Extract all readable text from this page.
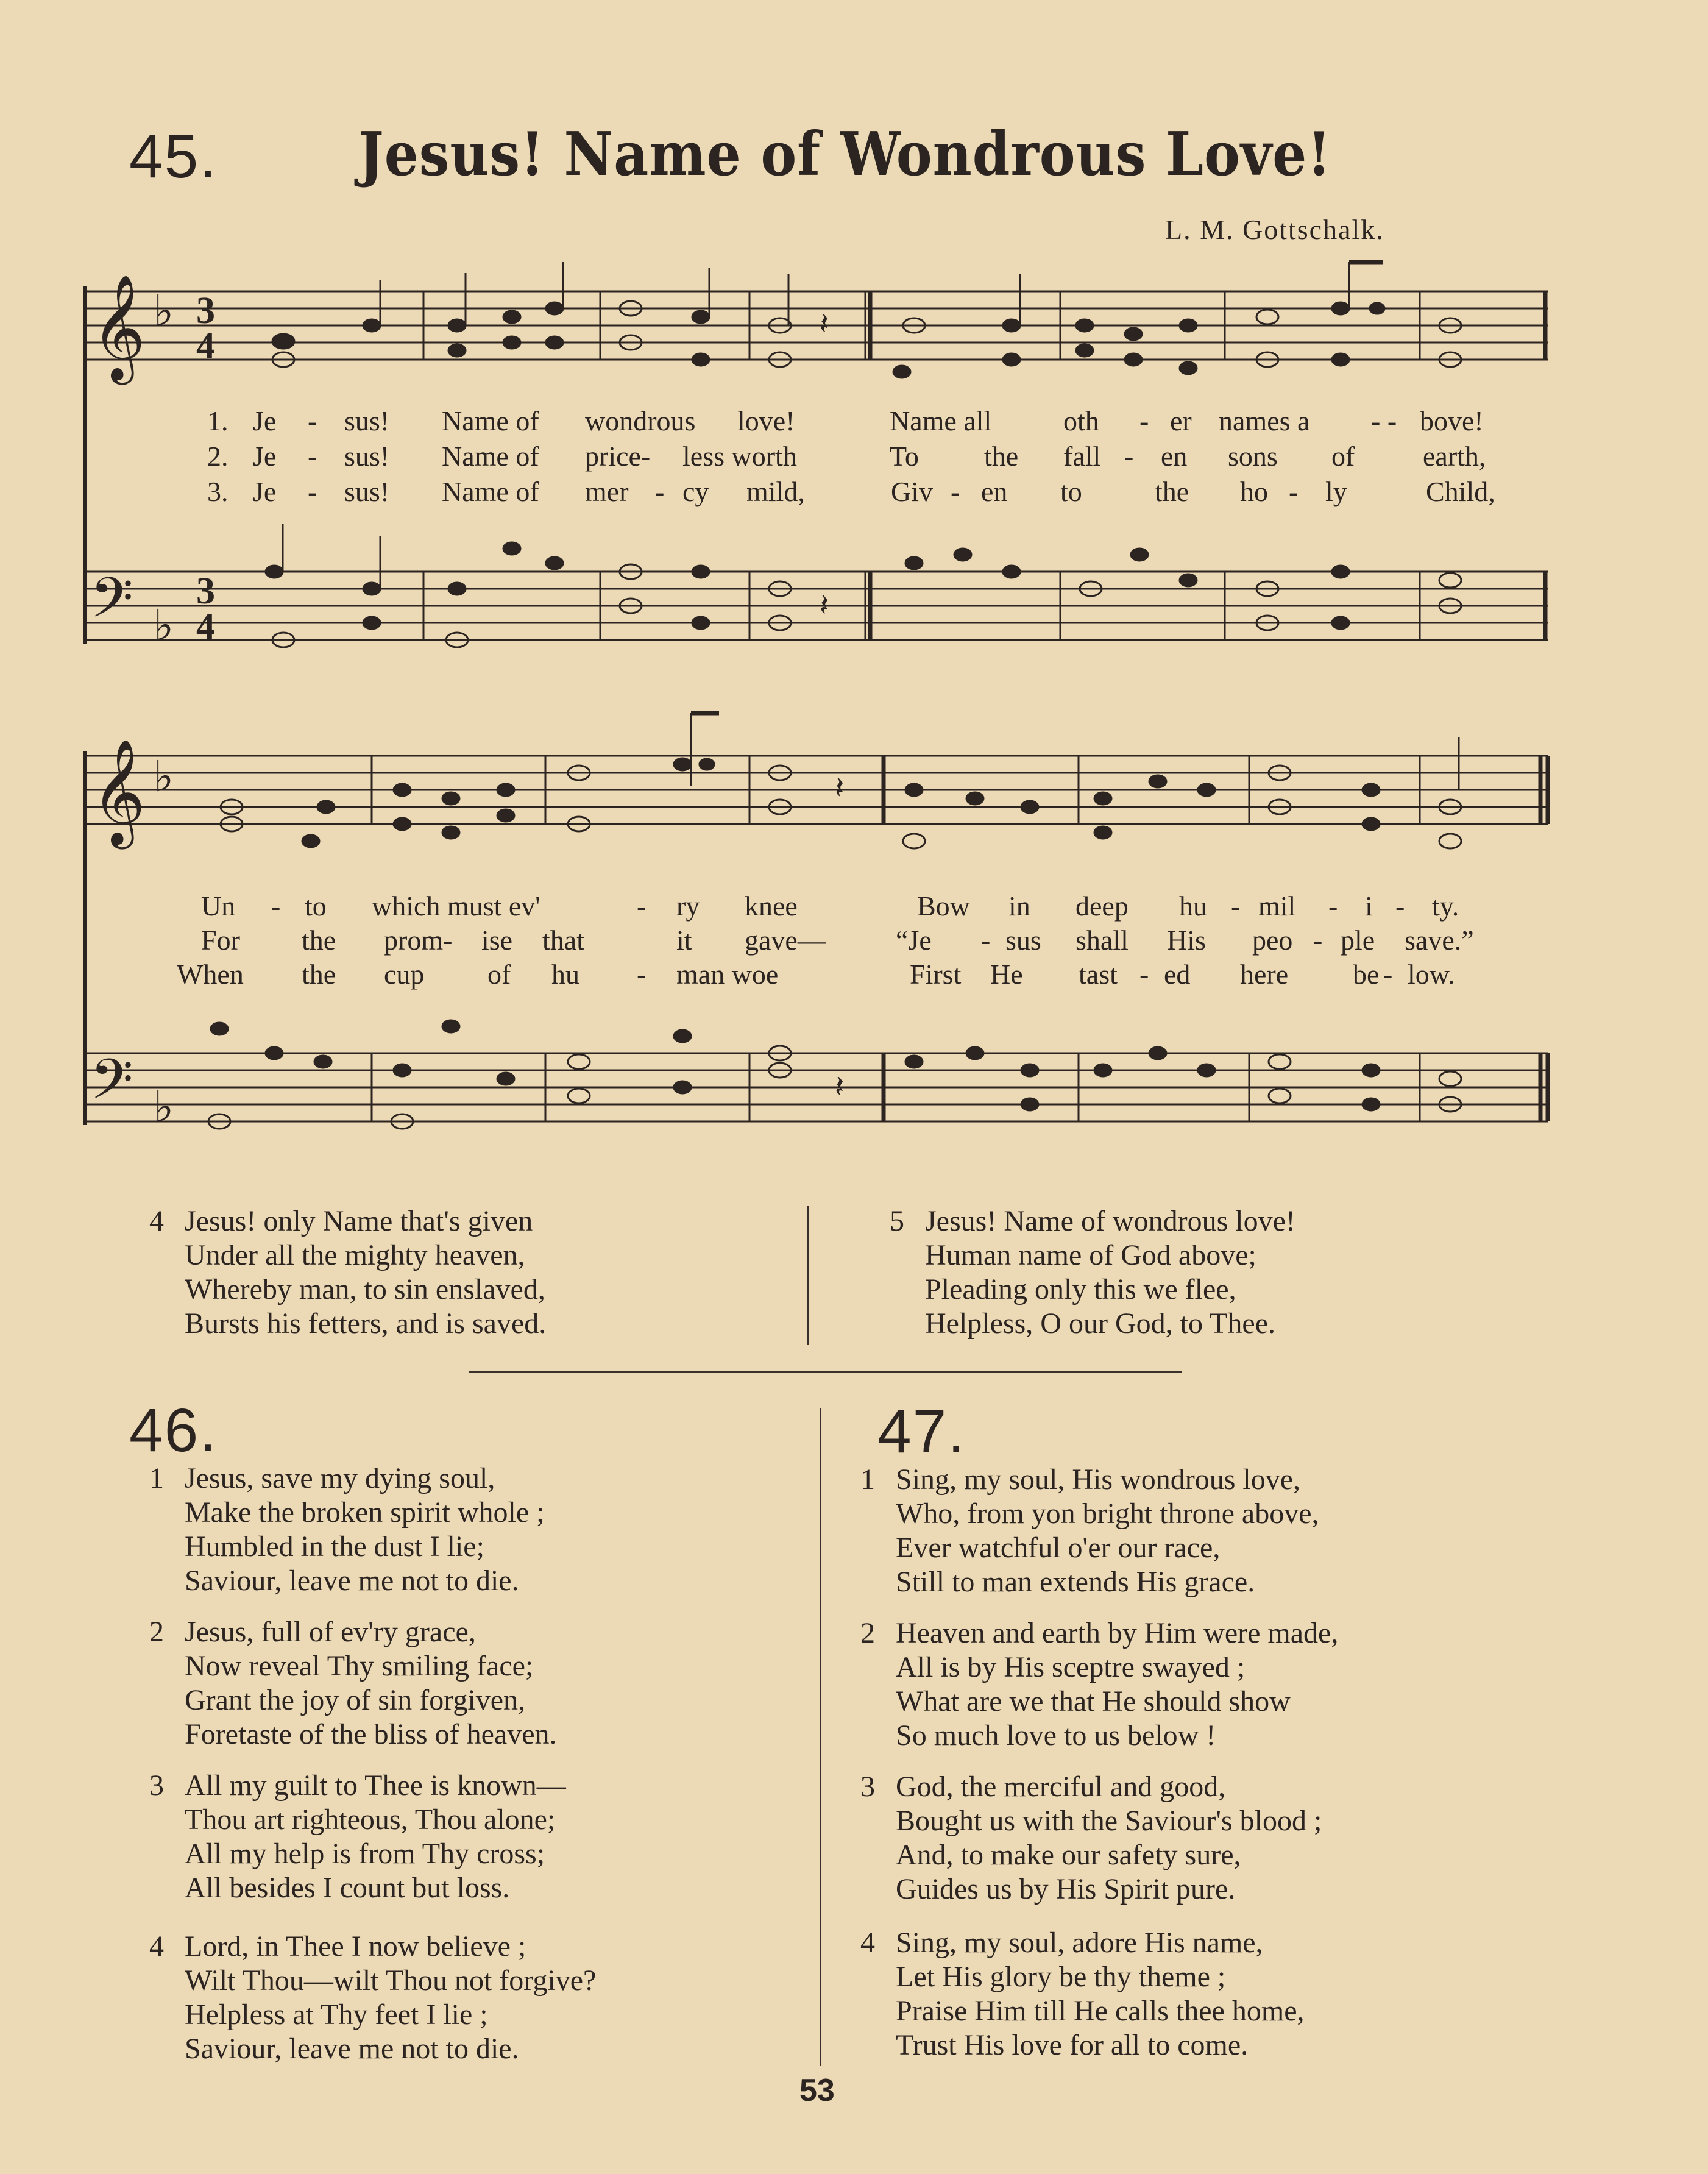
45. Jesus! Name of Wondrous Love!
L. M. Gottschalk.
𝄞
𝄞
𝄢
𝄢
♭
♭
♭
♭
3
4
3
4
𝄽
𝄽
𝄽
𝄽
1. Je - sus! Name of wondrous love!	Name all	oth - er names a - - bove!
2. Je - sus! Name of price- less worth	To the fall - en sons of earth,
3. Je - sus! Name of mer - cy mild,	Giv - en to	the ho - ly	Child,
Un - to which must ev'	- ry knee	Bow in deep hu - mil - i - ty.
For the prom- ise that	it gave—	“Je - sus shall His peo - ple save.”
When the cup of hu - man woe	First He tast - ed here be - low.
4 Jesus! only Name that's given
Under all the mighty heaven,
Whereby man, to sin enslaved,
Bursts his fetters, and is saved.
5 Jesus! Name of wondrous love!
Human name of God above;
Pleading only this we flee,
Helpless, O our God, to Thee.
46.
1 Jesus, save my dying soul,
Make the broken spirit whole ;
Humbled in the dust I lie;
Saviour, leave me not to die.
2 Jesus, full of ev'ry grace,
Now reveal Thy smiling face;
Grant the joy of sin forgiven,
Foretaste of the bliss of heaven.
3 All my guilt to Thee is known—
Thou art righteous, Thou alone;
All my help is from Thy cross;
All besides I count but loss.
4 Lord, in Thee I now believe ;
Wilt Thou—wilt Thou not forgive?
Helpless at Thy feet I lie ;
Saviour, leave me not to die.
47.
1 Sing, my soul, His wondrous love,
Who, from yon bright throne above,
Ever watchful o'er our race,
Still to man extends His grace.
2 Heaven and earth by Him were made,
All is by His sceptre swayed ;
What are we that He should show
So much love to us below !
3 God, the merciful and good,
Bought us with the Saviour's blood ;
And, to make our safety sure,
Guides us by His Spirit pure.
4 Sing, my soul, adore His name,
Let His glory be thy theme ;
Praise Him till He calls thee home,
Trust His love for all to come.
53
